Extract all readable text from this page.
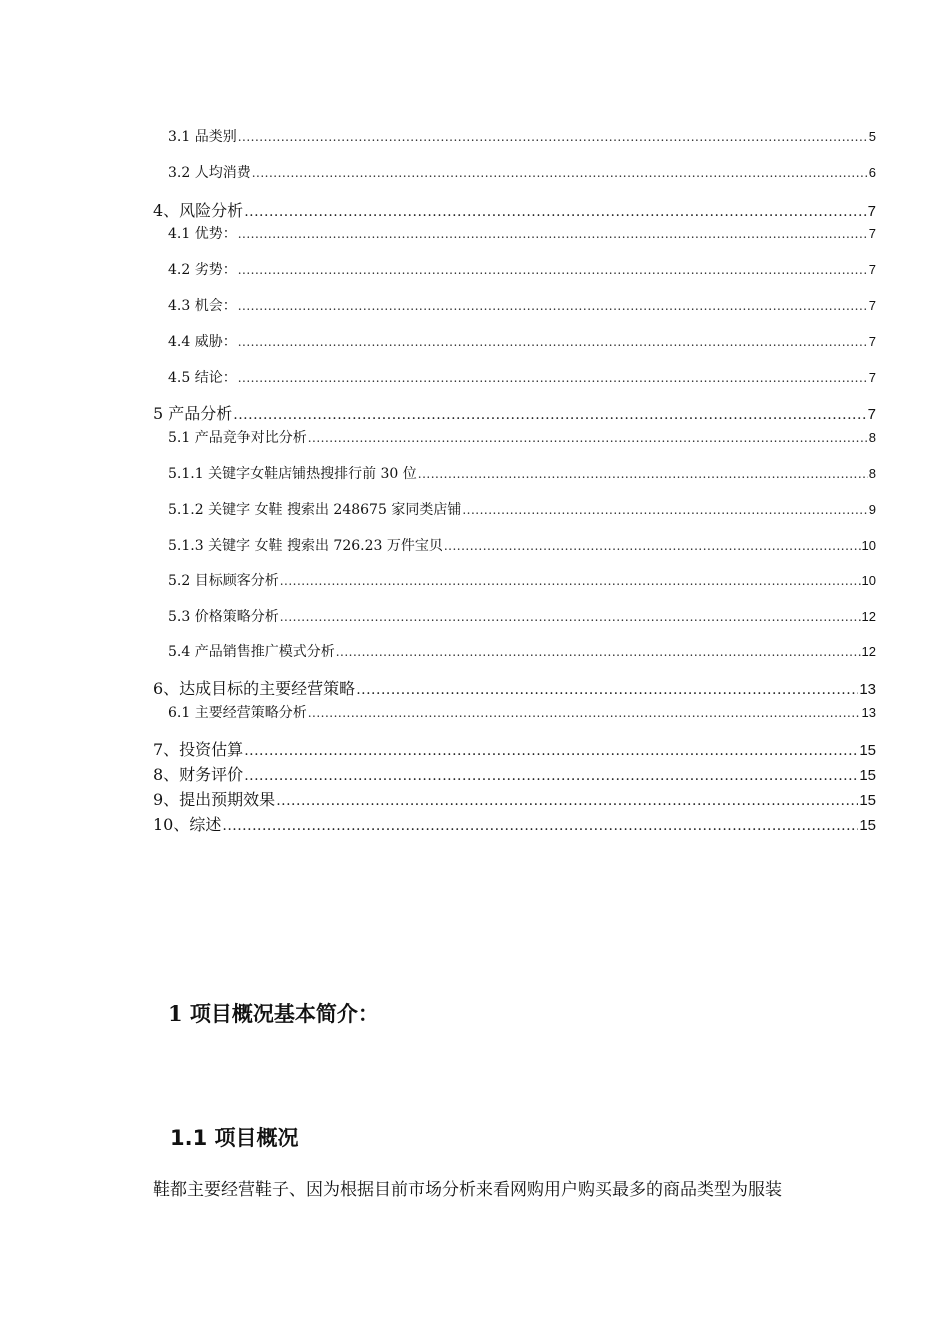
3.1 品类别 .....	5
3.2 人均消费 .....	6
4、风险分析 .....	7
4.1 优势： .....	7
4.2 劣势： .....	7
4.3 机会： .....	7
4.4 威胁： .....	7
4.5 结论： .....	7
5 产品分析 .....	7
5.1 产品竞争对比分析 .....	8
5.1.1 关键字女鞋店铺热搜排行前 30 位 .....	8
5.1.2 关键字 女鞋 搜索出 248675 家同类店铺 .....	9
5.1.3 关键字 女鞋 搜索出 726.23 万件宝贝 .....	10
5.2 目标顾客分析 .....	10
5.3 价格策略分析 .....	12
5.4 产品销售推广模式分析 .....	12
6、达成目标的主要经营策略 .....	13
6.1 主要经营策略分析 .....	13
7、投资估算 .....	15
8、财务评价 .....	15
9、提出预期效果 .....	15
10、综述 .....	15
1 项目概况基本简介：
1.1 项目概况
鞋都主要经营鞋子、因为根据目前市场分析来看网购用户购买最多的商品类型为服装
